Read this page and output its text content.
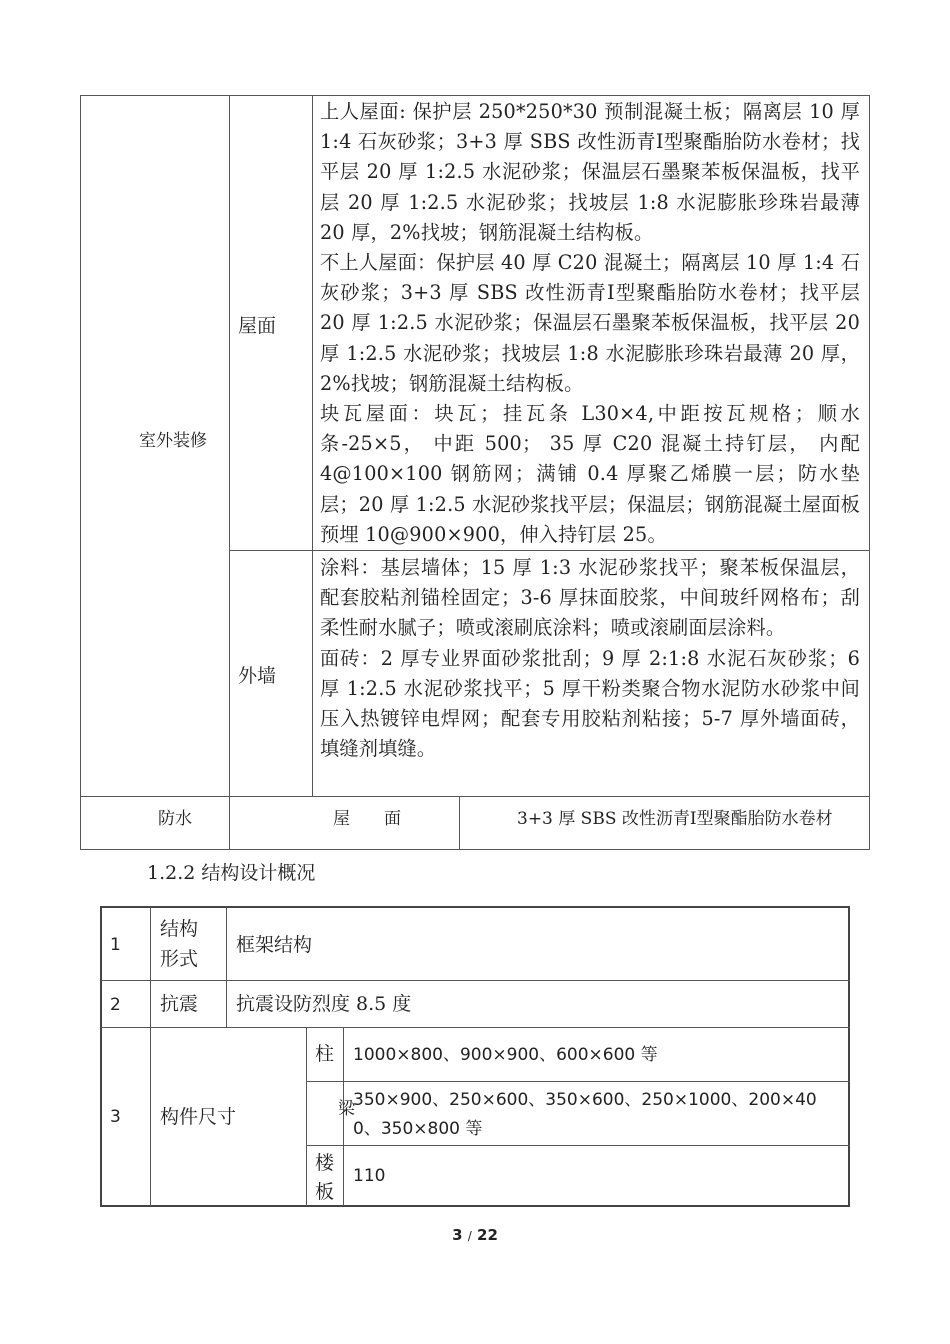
室外装修
屋面

上人屋面: 保护层 250*250*30 预制混凝土板；隔离层 10 厚 1:4 石灰砂浆；3+3 厚 SBS 改性沥青Ⅰ型聚酯胎防水卷材；找平层 20 厚 1:2.5 水泥砂浆；保温层石墨聚苯板保温板，找平层 20 厚 1:2.5 水泥砂浆；找坡层 1:8 水泥膨胀珍珠岩最薄 20 厚，2%找坡；钢筋混凝土结构板。

不上人屋面：保护层 40 厚 C20 混凝土；隔离层 10 厚 1:4 石灰砂浆；3+3 厚 SBS 改性沥青Ⅰ型聚酯胎防水卷材；找平层 20 厚 1:2.5 水泥砂浆；保温层石墨聚苯板保温板，找平层 20 厚 1:2.5 水泥砂浆；找坡层 1:8 水泥膨胀珍珠岩最薄 20 厚，2%找坡；钢筋混凝土结构板。

块瓦屋面：块瓦；挂瓦条 L30×4,中距按瓦规格；顺水条-25×5， 中距 500； 35 厚 C20 混凝土持钉层， 内配 4@100×100 钢筋网；满铺 0.4 厚聚乙烯膜一层；防水垫层；20 厚 1:2.5 水泥砂浆找平层；保温层；钢筋混凝土屋面板预埋 10@900×900，伸入持钉层 25。

外墙

涂料：基层墙体；15 厚 1:3 水泥砂浆找平；聚苯板保温层，配套胶粘剂锚栓固定；3-6 厚抹面胶浆，中间玻纤网格布；刮柔性耐水腻子；喷或滚刷底涂料；喷或滚刷面层涂料。

面砖：2 厚专业界面砂浆批刮；9 厚 2:1:8 水泥石灰砂浆；6 厚 1:2.5 水泥砂浆找平；5 厚干粉类聚合物水泥防水砂浆中间压入热镀锌电焊网；配套专用胶粘剂粘接；5-7 厚外墙面砖，填缝剂填缝。

防水	屋　　面	3+3 厚 SBS 改性沥青Ⅰ型聚酯胎防水卷材
1.2.2 结构设计概况
1
结构
形式
框架结构
2 抗震 抗震设防烈度 8.5 度
3 构件尺寸
柱 1000×800、900×900、600×600 等
梁
350×900、250×600、350×600、250×1000、200×40
0、350×800 等
楼
板
110
3 / 22
